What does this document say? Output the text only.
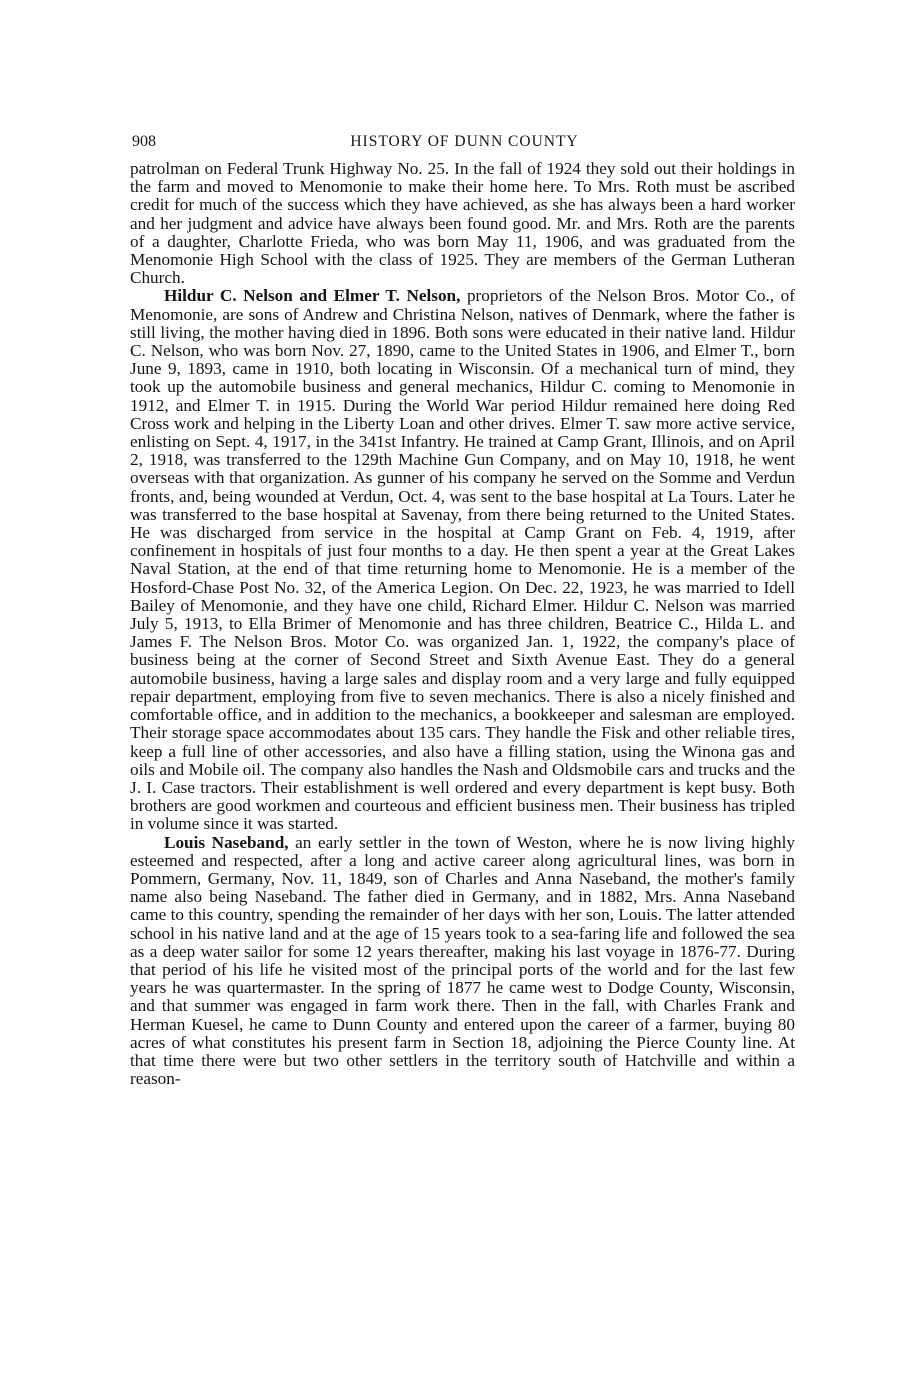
908	HISTORY OF DUNN COUNTY

patrolman on Federal Trunk Highway No. 25. In the fall of 1924 they sold out their holdings in the farm and moved to Menomonie to make their home here. To Mrs. Roth must be ascribed credit for much of the success which they have achieved, as she has always been a hard worker and her judgment and advice have always been found good. Mr. and Mrs. Roth are the parents of a daughter, Charlotte Frieda, who was born May 11, 1906, and was graduated from the Menomonie High School with the class of 1925. They are members of the German Lutheran Church.

Hildur C. Nelson and Elmer T. Nelson, proprietors of the Nelson Bros. Motor Co., of Menomonie, are sons of Andrew and Christina Nelson, natives of Denmark, where the father is still living, the mother having died in 1896. Both sons were educated in their native land. Hildur C. Nelson, who was born Nov. 27, 1890, came to the United States in 1906, and Elmer T., born June 9, 1893, came in 1910, both locating in Wisconsin. Of a mechanical turn of mind, they took up the automobile business and general mechanics, Hildur C. coming to Menomonie in 1912, and Elmer T. in 1915. During the World War period Hildur remained here doing Red Cross work and helping in the Liberty Loan and other drives. Elmer T. saw more active service, enlisting on Sept. 4, 1917, in the 341st Infantry. He trained at Camp Grant, Illinois, and on April 2, 1918, was transferred to the 129th Machine Gun Company, and on May 10, 1918, he went overseas with that organization. As gunner of his company he served on the Somme and Verdun fronts, and, being wounded at Verdun, Oct. 4, was sent to the base hospital at La Tours. Later he was transferred to the base hospital at Savenay, from there being returned to the United States. He was discharged from service in the hospital at Camp Grant on Feb. 4, 1919, after confinement in hospitals of just four months to a day. He then spent a year at the Great Lakes Naval Station, at the end of that time returning home to Menomonie. He is a member of the Hosford-Chase Post No. 32, of the America Legion. On Dec. 22, 1923, he was married to Idell Bailey of Menomonie, and they have one child, Richard Elmer. Hildur C. Nelson was married July 5, 1913, to Ella Brimer of Menomonie and has three children, Beatrice C., Hilda L. and James F. The Nelson Bros. Motor Co. was organized Jan. 1, 1922, the company's place of business being at the corner of Second Street and Sixth Avenue East. They do a general automobile business, having a large sales and display room and a very large and fully equipped repair department, employing from five to seven mechanics. There is also a nicely finished and comfortable office, and in addition to the mechanics, a bookkeeper and salesman are employed. Their storage space accommodates about 135 cars. They handle the Fisk and other reliable tires, keep a full line of other accessories, and also have a filling station, using the Winona gas and oils and Mobile oil. The company also handles the Nash and Oldsmobile cars and trucks and the J. I. Case tractors. Their establishment is well ordered and every department is kept busy. Both brothers are good workmen and courteous and efficient business men. Their business has tripled in volume since it was started.

Louis Naseband, an early settler in the town of Weston, where he is now living highly esteemed and respected, after a long and active career along agricultural lines, was born in Pommern, Germany, Nov. 11, 1849, son of Charles and Anna Naseband, the mother's family name also being Naseband. The father died in Germany, and in 1882, Mrs. Anna Naseband came to this country, spending the remainder of her days with her son, Louis. The latter attended school in his native land and at the age of 15 years took to a sea-faring life and followed the sea as a deep water sailor for some 12 years thereafter, making his last voyage in 1876-77. During that period of his life he visited most of the principal ports of the world and for the last few years he was quartermaster. In the spring of 1877 he came west to Dodge County, Wisconsin, and that summer was engaged in farm work there. Then in the fall, with Charles Frank and Herman Kuesel, he came to Dunn County and entered upon the career of a farmer, buying 80 acres of what constitutes his present farm in Section 18, adjoining the Pierce County line. At that time there were but two other settlers in the territory south of Hatchville and within a reason-
